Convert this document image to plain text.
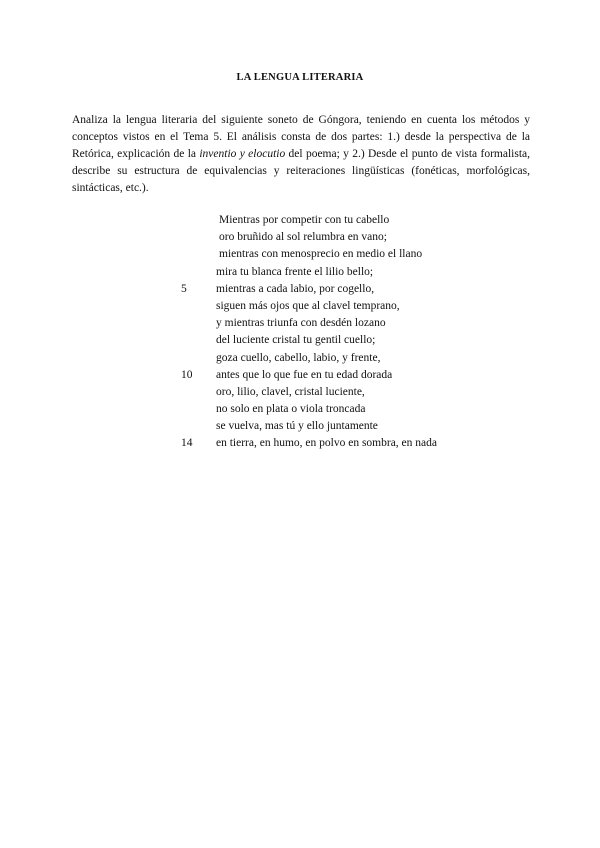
LA LENGUA LITERARIA

Analiza la lengua literaria del siguiente soneto de Góngora, teniendo en cuenta los métodos y conceptos vistos en el Tema 5. El análisis consta de dos partes: 1.) desde la perspectiva de la Retórica, explicación de la inventio y elocutio del poema; y 2.) Desde el punto de vista formalista, describe su estructura de equivalencias y reiteraciones lingüísticas (fonéticas, morfológicas, sintácticas, etc.).

Mientras por competir con tu cabello
oro bruñido al sol relumbra en vano;
mientras con menosprecio en medio el llano
mira tu blanca frente el lilio bello;
5	mientras a cada labio, por cogello,
siguen más ojos que al clavel temprano,
y mientras triunfa con desdén lozano
del luciente cristal tu gentil cuello;
goza cuello, cabello, labio, y frente,
10 antes que lo que fue en tu edad dorada
oro, lilio, clavel, cristal luciente,
no solo en plata o viola troncada
se vuelva, mas tú y ello juntamente
14 en tierra, en humo, en polvo en sombra, en nada
